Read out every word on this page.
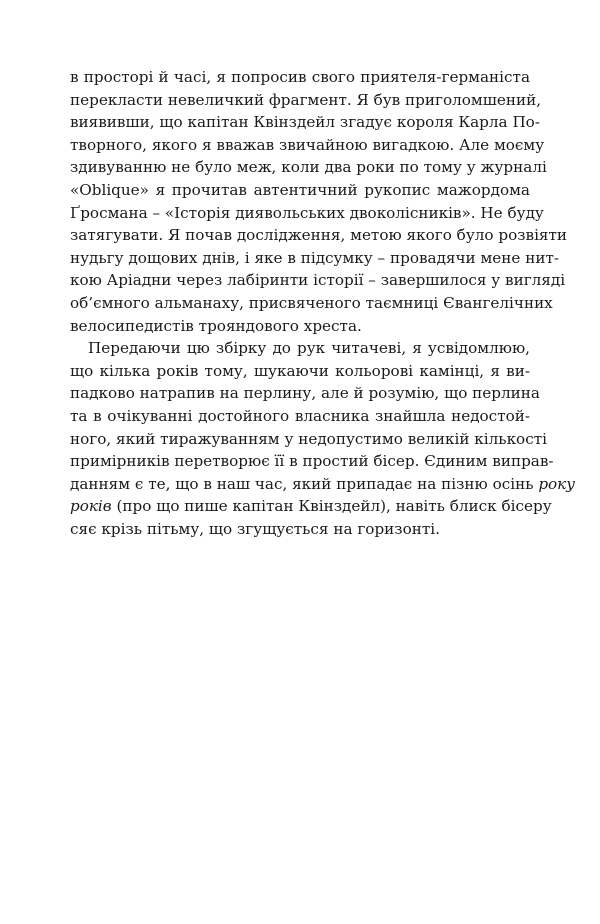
в просторі й часі, я попросив свого приятеля-германіста
перекласти невеличкий фрагмент. Я був приголомшений,
виявивши, що капітан Квінздейл згадує короля Карла По-
творного, якого я вважав звичайною вигадкою. Але моєму
здивуванню не було меж, коли два роки по тому у журналі
«Oblique» я прочитав автентичний рукопис мажордома
Ґросмана – «Історія диявольських двоколісників». Не буду
затягувати. Я почав дослідження, метою якого було розвіяти
нудьгу дощових днів, і яке в підсумку – провадячи мене нит-
кою Аріадни через лабіринти історії – завершилося у вигляді
об’ємного альманаху, присвяченого таємниці Євангелічних
велосипедистів трояндового хреста.
Передаючи цю збірку до рук читачеві, я усвідомлюю,
що кілька років тому, шукаючи кольорові камінці, я ви-
падково натрапив на перлину, але й розумію, що перлина
та в очікуванні достойного власника знайшла недостой-
ного, який тиражуванням у недопустимо великій кількості
примірників перетворює її в простий бісер. Єдиним виправ-
данням є те, що в наш час, який припадає на пізню осінь року
років (про що пише капітан Квінздейл), навіть блиск бісеру
сяє крізь пітьму, що згущується на горизонті.
